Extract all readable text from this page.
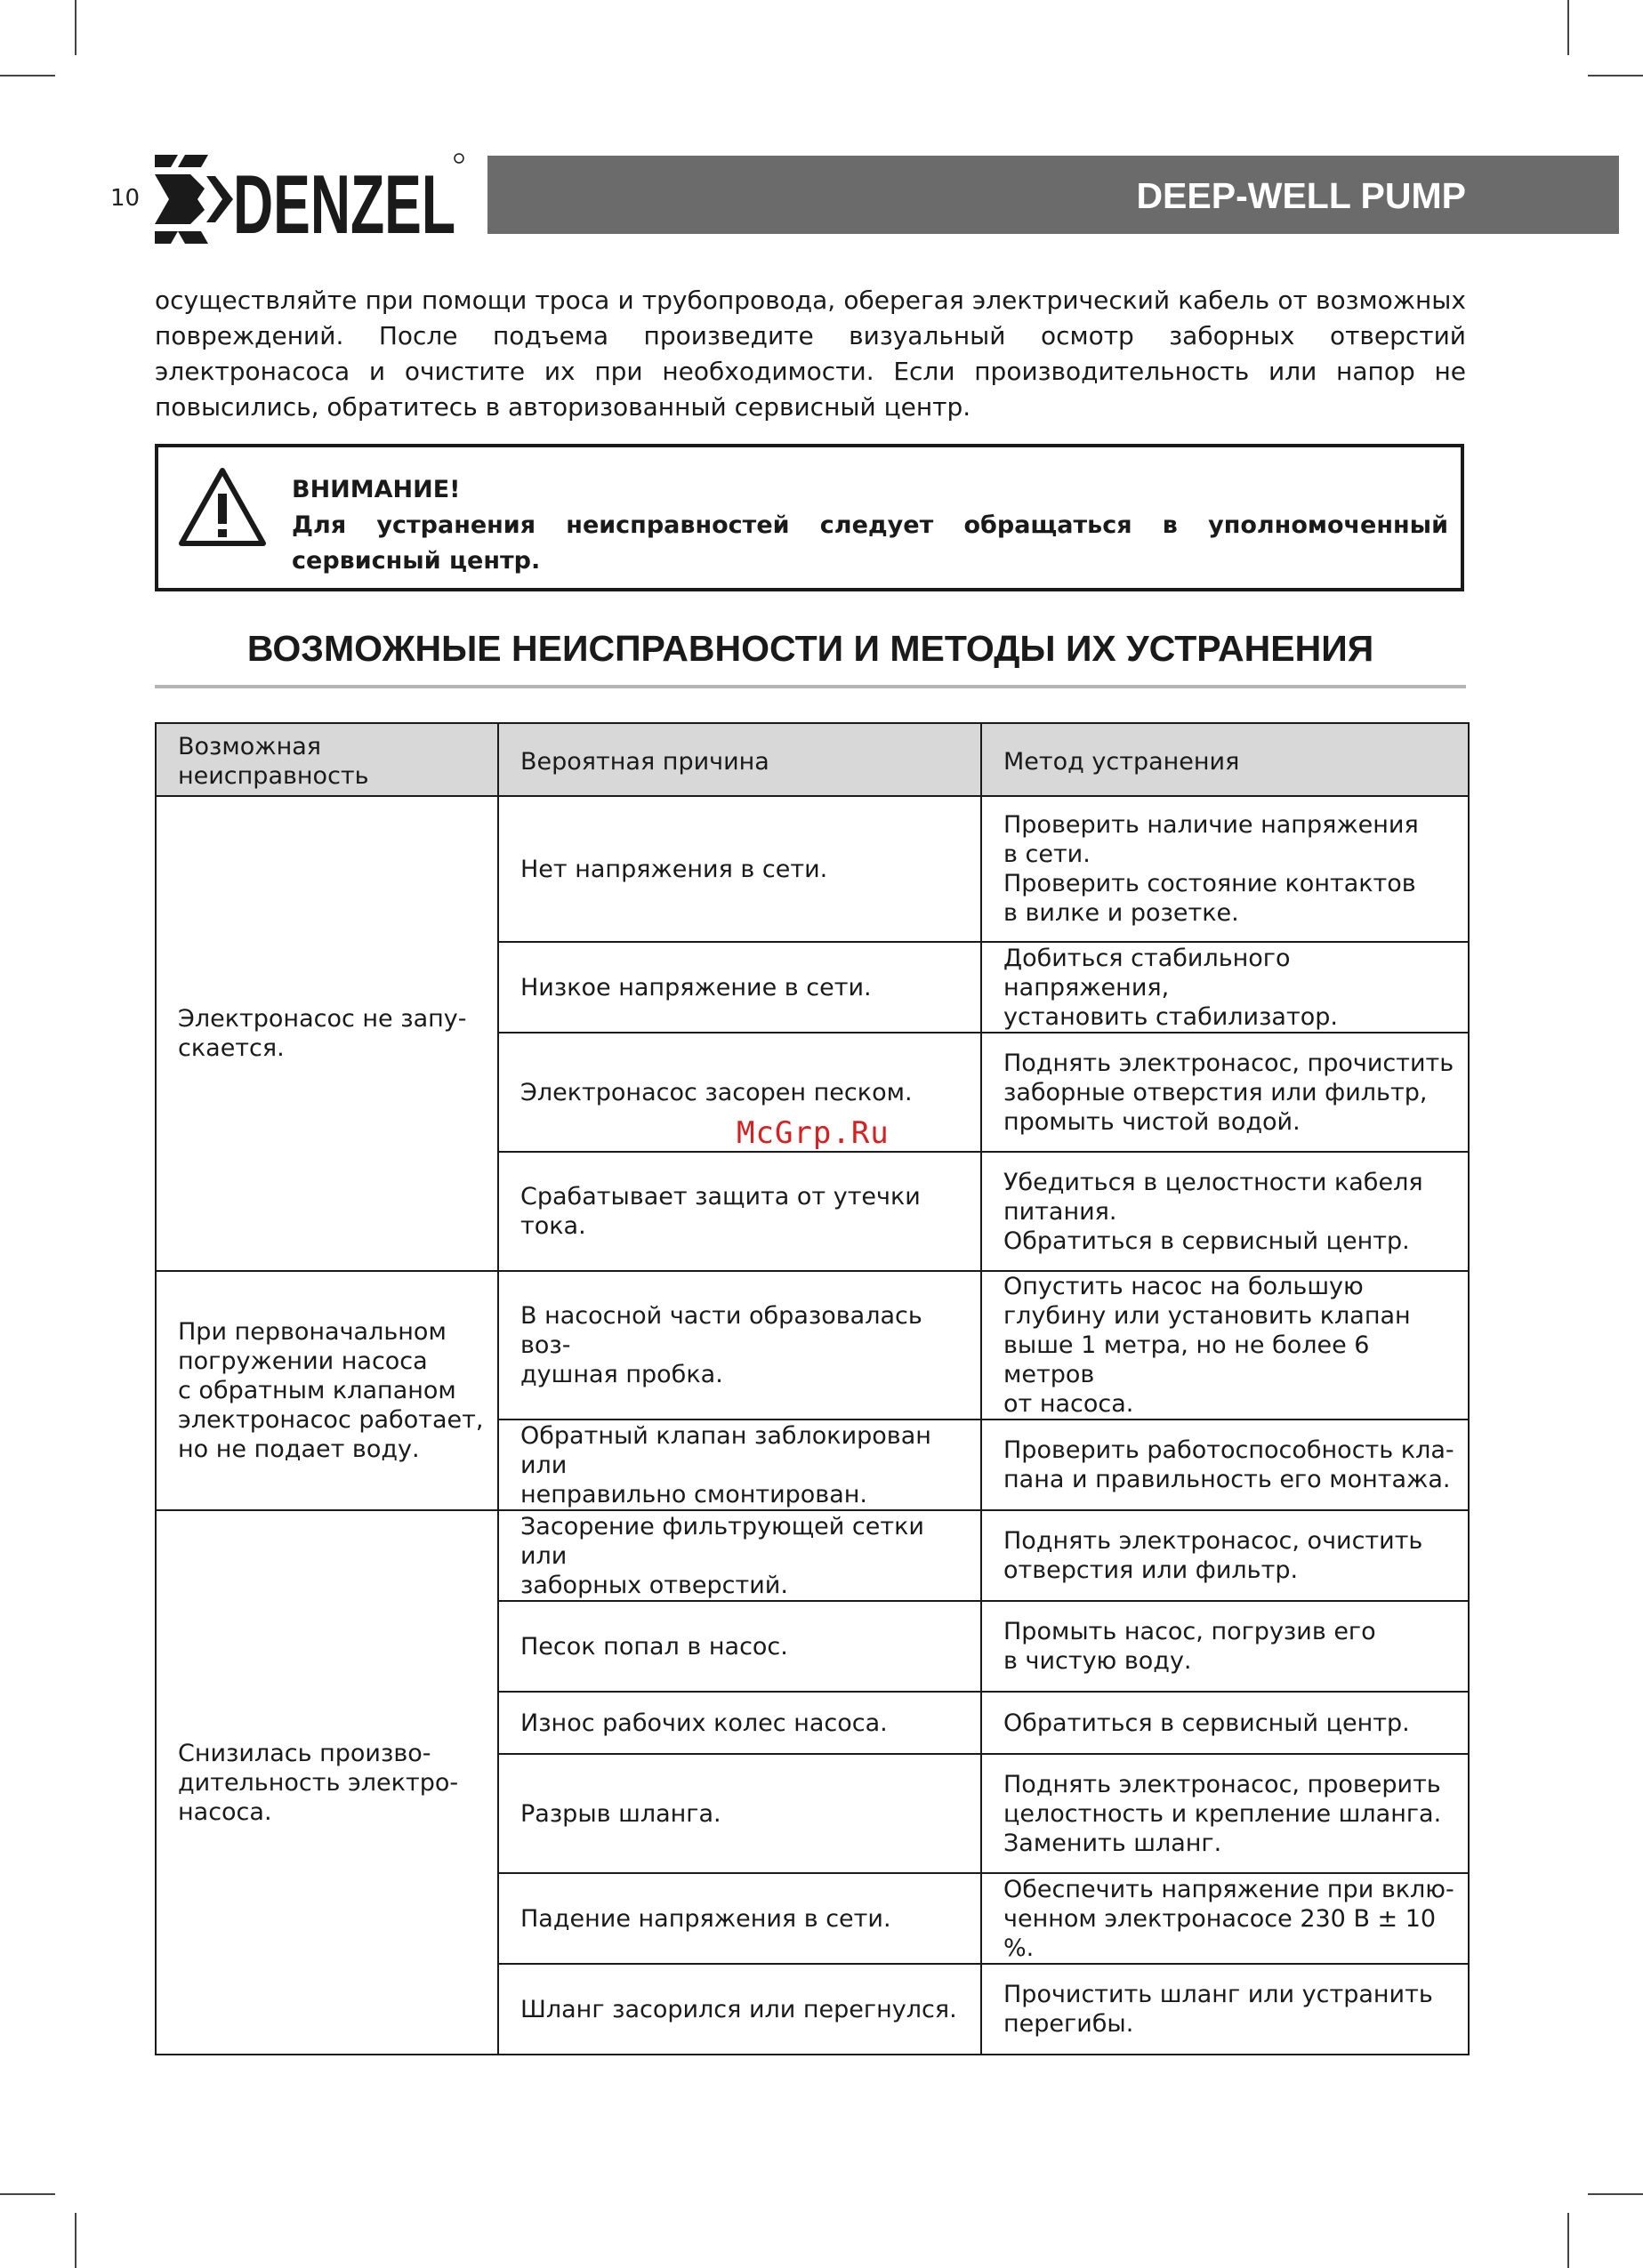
10 DENZEL	DEEP-WELL PUMP

осуществляйте при помощи троса и трубопровода, оберегая электрический кабель от возможных повреждений. После подъема произведите визуальный осмотр заборных отверстий электронасоса и очистите их при необходимости. Если производительность или напор не повысились, обратитесь в авторизованный сервисный центр.

ВНИМАНИЕ!
Для устранения неисправностей следует обращаться в уполномоченный сервисный центр.
ВОЗМОЖНЫЕ НЕИСПРАВНОСТИ И МЕТОДЫ ИХ УСТРАНЕНИЯ
Возможная
неисправность	Вероятная причина	Метод устранения

Электронасос не запу-
скается.	Нет напряжения в сети.	Проверить наличие напряжения
в сети.
Проверить состояние контактов
в вилке и розетке.

	Низкое напряжение в сети.	Добиться стабильного напряжения,
установить стабилизатор.

	Электронасос засорен песком.	Поднять электронасос, прочистить
заборные отверстия или фильтр,
промыть чистой водой.

	Срабатывает защита от утечки тока.	Убедиться в целостности кабеля
питания.
Обратиться в сервисный центр.

При первоначальном
погружении насоса
с обратным клапаном
электронасос работает,
но не подает воду.	В насосной части образовалась воз-
душная пробка.	Опустить насос на большую
глубину или установить клапан
выше 1 метра, но не более 6 метров
от насоса.

	Обратный клапан заблокирован или
неправильно смонтирован.	Проверить работоспособность кла-
пана и правильность его монтажа.

Снизилась произво-
дительность электро-
насоса.	Засорение фильтрующей сетки или
заборных отверстий.	Поднять электронасос, очистить
отверстия или фильтр.

	Песок попал в насос.	Промыть насос, погрузив его
в чистую воду.

	Износ рабочих колес насоса.	Обратиться в сервисный центр.

	Разрыв шланга.	Поднять электронасос, проверить
целостность и крепление шланга.
Заменить шланг.

	Падение напряжения в сети.	Обеспечить напряжение при вклю-
ченном электронасосе 230 В ± 10 %.

	Шланг засорился или перегнулся.	Прочистить шланг или устранить
перегибы.
McGrp.Ru
